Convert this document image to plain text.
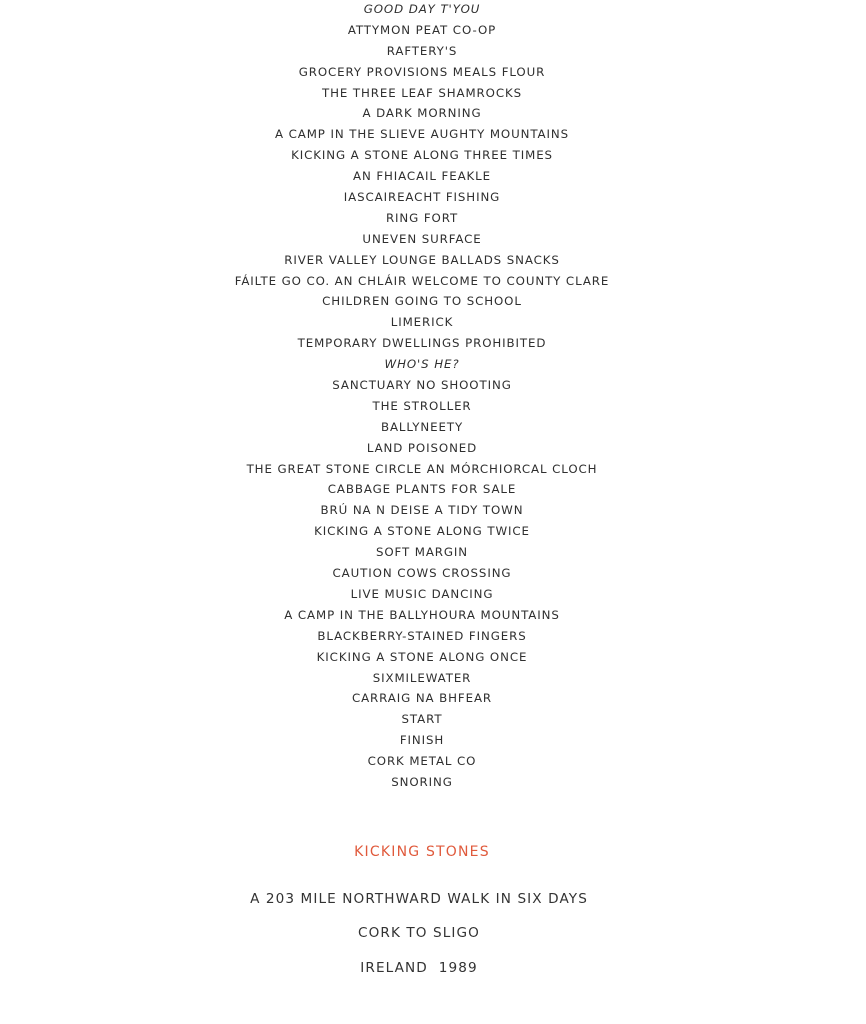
GOOD DAY T'YOU
ATTYMON PEAT CO-OP
RAFTERY'S
GROCERY PROVISIONS MEALS FLOUR
THE THREE LEAF SHAMROCKS
A DARK MORNING
A CAMP IN THE SLIEVE AUGHTY MOUNTAINS
KICKING A STONE ALONG THREE TIMES
AN FHIACAIL FEAKLE
IASCAIREACHT FISHING
RING FORT
UNEVEN SURFACE
RIVER VALLEY LOUNGE BALLADS SNACKS
FÁILTE GO CO. AN CHLÁIR WELCOME TO COUNTY CLARE
CHILDREN GOING TO SCHOOL
LIMERICK
TEMPORARY DWELLINGS PROHIBITED
WHO'S HE?
SANCTUARY NO SHOOTING
THE STROLLER
BALLYNEETY
LAND POISONED
THE GREAT STONE CIRCLE AN MÓRCHIORCAL CLOCH
CABBAGE PLANTS FOR SALE
BRÚ NA N DEISE A TIDY TOWN
KICKING A STONE ALONG TWICE
SOFT MARGIN
CAUTION COWS CROSSING
LIVE MUSIC DANCING
A CAMP IN THE BALLYHOURA MOUNTAINS
BLACKBERRY-STAINED FINGERS
KICKING A STONE ALONG ONCE
SIXMILEWATER
CARRAIG NA BHFEAR
START
FINISH
CORK METAL CO
SNORING
KICKING STONES
A 203 MILE NORTHWARD WALK IN SIX DAYS
CORK TO SLIGO
IRELAND  1989
